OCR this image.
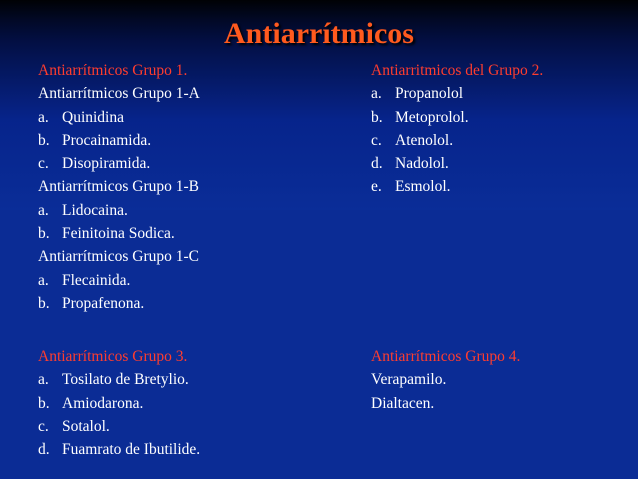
Antiarrítmicos
Antiarrítmicos Grupo 1.
Antiarrítmicos Grupo 1-A
a. Quinidina
b. Procainamida.
c. Disopiramida.
Antiarrítmicos Grupo 1-B
a. Lidocaina.
b. Feinitoina Sodica.
Antiarrítmicos Grupo 1-C
a. Flecainida.
b. Propafenona.
Antiarritmicos del Grupo 2.
a. Propanolol
b. Metoprolol.
c. Atenolol.
d. Nadolol.
e. Esmolol.
Antiarrítmicos Grupo 3.
a. Tosilato de Bretylio.
b. Amiodarona.
c. Sotalol.
d. Fuamrato de Ibutilide.
Antiarrítmicos Grupo 4.
Verapamilo.
Dialtacen.
